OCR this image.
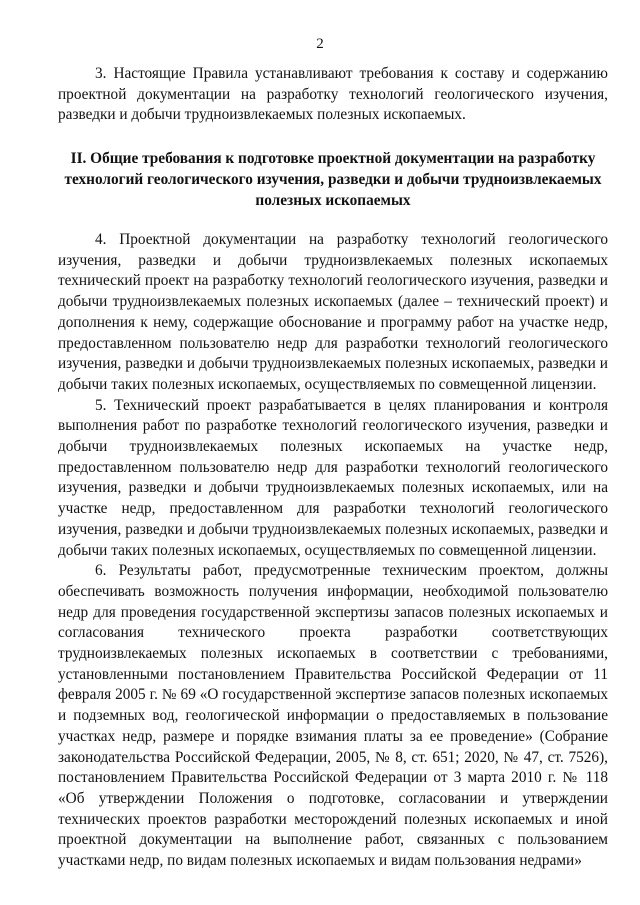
2

3. Настоящие Правила устанавливают требования к составу и содержанию проектной документации на разработку технологий геологического изучения, разведки и добычи трудноизвлекаемых полезных ископаемых.

II. Общие требования к подготовке проектной документации на разработку технологий геологического изучения, разведки и добычи трудноизвлекаемых полезных ископаемых

4. Проектной документации на разработку технологий геологического изучения, разведки и добычи трудноизвлекаемых полезных ископаемых технический проект на разработку технологий геологического изучения, разведки и добычи трудноизвлекаемых полезных ископаемых (далее – технический проект) и дополнения к нему, содержащие обоснование и программу работ на участке недр, предоставленном пользователю недр для разработки технологий геологического изучения, разведки и добычи трудноизвлекаемых полезных ископаемых, разведки и добычи таких полезных ископаемых, осуществляемых по совмещенной лицензии.

5. Технический проект разрабатывается в целях планирования и контроля выполнения работ по разработке технологий геологического изучения, разведки и добычи трудноизвлекаемых полезных ископаемых на участке недр, предоставленном пользователю недр для разработки технологий геологического изучения, разведки и добычи трудноизвлекаемых полезных ископаемых, или на участке недр, предоставленном для разработки технологий геологического изучения, разведки и добычи трудноизвлекаемых полезных ископаемых, разведки и добычи таких полезных ископаемых, осуществляемых по совмещенной лицензии.

6. Результаты работ, предусмотренные техническим проектом, должны обеспечивать возможность получения информации, необходимой пользователю недр для проведения государственной экспертизы запасов полезных ископаемых и согласования технического проекта разработки соответствующих трудноизвлекаемых полезных ископаемых в соответствии с требованиями, установленными постановлением Правительства Российской Федерации от 11 февраля 2005 г. № 69 «О государственной экспертизе запасов полезных ископаемых и подземных вод, геологической информации о предоставляемых в пользование участках недр, размере и порядке взимания платы за ее проведение» (Собрание законодательства Российской Федерации, 2005, № 8, ст. 651; 2020, № 47, ст. 7526), постановлением Правительства Российской Федерации от 3 марта 2010 г. № 118 «Об утверждении Положения о подготовке, согласовании и утверждении технических проектов разработки месторождений полезных ископаемых и иной проектной документации на выполнение работ, связанных с пользованием участками недр, по видам полезных ископаемых и видам пользования недрами»
